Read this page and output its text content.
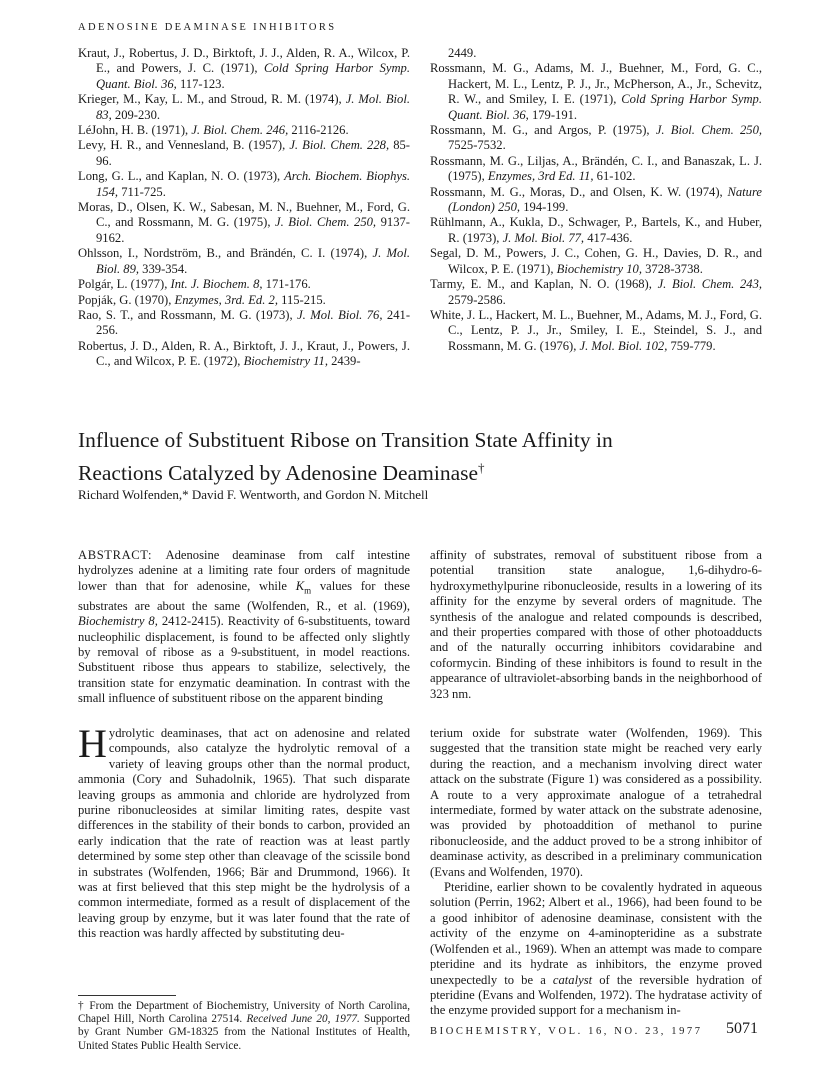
ADENOSINE DEAMINASE INHIBITORS
Kraut, J., Robertus, J. D., Birktoft, J. J., Alden, R. A., Wilcox, P. E., and Powers, J. C. (1971), Cold Spring Harbor Symp. Quant. Biol. 36, 117-123.
Krieger, M., Kay, L. M., and Stroud, R. M. (1974), J. Mol. Biol. 83, 209-230.
LéJohn, H. B. (1971), J. Biol. Chem. 246, 2116-2126.
Levy, H. R., and Vennesland, B. (1957), J. Biol. Chem. 228, 85-96.
Long, G. L., and Kaplan, N. O. (1973), Arch. Biochem. Biophys. 154, 711-725.
Moras, D., Olsen, K. W., Sabesan, M. N., Buehner, M., Ford, G. C., and Rossmann, M. G. (1975), J. Biol. Chem. 250, 9137-9162.
Ohlsson, I., Nordström, B., and Brändén, C. I. (1974), J. Mol. Biol. 89, 339-354.
Polgár, L. (1977), Int. J. Biochem. 8, 171-176.
Popják, G. (1970), Enzymes, 3rd. Ed. 2, 115-215.
Rao, S. T., and Rossmann, M. G. (1973), J. Mol. Biol. 76, 241-256.
Robertus, J. D., Alden, R. A., Birktoft, J. J., Kraut, J., Powers, J. C., and Wilcox, P. E. (1972), Biochemistry 11, 2439-
2449.
Rossmann, M. G., Adams, M. J., Buehner, M., Ford, G. C., Hackert, M. L., Lentz, P. J., Jr., McPherson, A., Jr., Schevitz, R. W., and Smiley, I. E. (1971), Cold Spring Harbor Symp. Quant. Biol. 36, 179-191.
Rossmann, M. G., and Argos, P. (1975), J. Biol. Chem. 250, 7525-7532.
Rossmann, M. G., Liljas, A., Brändén, C. I., and Banaszak, L. J. (1975), Enzymes, 3rd Ed. 11, 61-102.
Rossmann, M. G., Moras, D., and Olsen, K. W. (1974), Nature (London) 250, 194-199.
Rühlmann, A., Kukla, D., Schwager, P., Bartels, K., and Huber, R. (1973), J. Mol. Biol. 77, 417-436.
Segal, D. M., Powers, J. C., Cohen, G. H., Davies, D. R., and Wilcox, P. E. (1971), Biochemistry 10, 3728-3738.
Tarmy, E. M., and Kaplan, N. O. (1968), J. Biol. Chem. 243, 2579-2586.
White, J. L., Hackert, M. L., Buehner, M., Adams, M. J., Ford, G. C., Lentz, P. J., Jr., Smiley, I. E., Steindel, S. J., and Rossmann, M. G. (1976), J. Mol. Biol. 102, 759-779.
Influence of Substituent Ribose on Transition State Affinity in
Reactions Catalyzed by Adenosine Deaminase†
Richard Wolfenden,* David F. Wentworth, and Gordon N. Mitchell
ABSTRACT : Adenosine deaminase from calf intestine hydrolyzes adenine at a limiting rate four orders of magnitude lower than that for adenosine, while $K_m$ values for these substrates are about the same (Wolfenden, R., et al. (1969), Biochemistry 8, 2412-2415). Reactivity of 6-substituents, toward nucleophilic displacement, is found to be affected only slightly by removal of ribose as a 9-substituent, in model reactions. Substituent ribose thus appears to stabilize, selectively, the transition state for enzymatic deamination. In contrast with the small influence of substituent ribose on the apparent binding
affinity of substrates, removal of substituent ribose from a potential transition state analogue, 1,6-dihydro-6-hydroxymethylpurine ribonucleoside, results in a lowering of its affinity for the enzyme by several orders of magnitude. The synthesis of the analogue and related compounds is described, and their properties compared with those of other photoadducts and of the naturally occurring inhibitors covidarabine and coformycin. Binding of these inhibitors is found to result in the appearance of ultraviolet-absorbing bands in the neighborhood of 323 nm.

Hydrolytic deaminases, that act on adenosine and related compounds, also catalyze the hydrolytic removal of a variety of leaving groups other than the normal product, ammonia (Cory and Suhadolnik, 1965). That such disparate leaving groups as ammonia and chloride are hydrolyzed from purine ribonucleosides at similar limiting rates, despite vast differences in the stability of their bonds to carbon, provided an early indication that the rate of reaction was at least partly determined by some step other than cleavage of the scissile bond in substrates (Wolfenden, 1966; Bär and Drummond, 1966). It was at first believed that this step might be the hydrolysis of a common intermediate, formed as a result of displacement of the leaving group by enzyme, but it was later found that the rate of this reaction was hardly affected by substituting deu-

terium oxide for substrate water (Wolfenden, 1969). This suggested that the transition state might be reached very early during the reaction, and a mechanism involving direct water attack on the substrate (Figure 1) was considered as a possibility. A route to a very approximate analogue of a tetrahedral intermediate, formed by water attack on the substrate adenosine, was provided by photoaddition of methanol to purine ribonucleoside, and the adduct proved to be a strong inhibitor of deaminase activity, as described in a preliminary communication (Evans and Wolfenden, 1970).

Pteridine, earlier shown to be covalently hydrated in aqueous solution (Perrin, 1962; Albert et al., 1966), had been found to be a good inhibitor of adenosine deaminase, consistent with the activity of the enzyme on 4-aminopteridine as a substrate (Wolfenden et al., 1969). When an attempt was made to compare pteridine and its hydrate as inhibitors, the enzyme proved unexpectedly to be a catalyst of the reversible hydration of pteridine (Evans and Wolfenden, 1972). The hydratase activity of the enzyme provided support for a mechanism in-

† From the Department of Biochemistry, University of North Carolina, Chapel Hill, North Carolina 27514. Received June 20, 1977. Supported by Grant Number GM-18325 from the National Institutes of Health, United States Public Health Service.
BIOCHEMISTRY, VOL. 16, NO. 23, 1977 5071
